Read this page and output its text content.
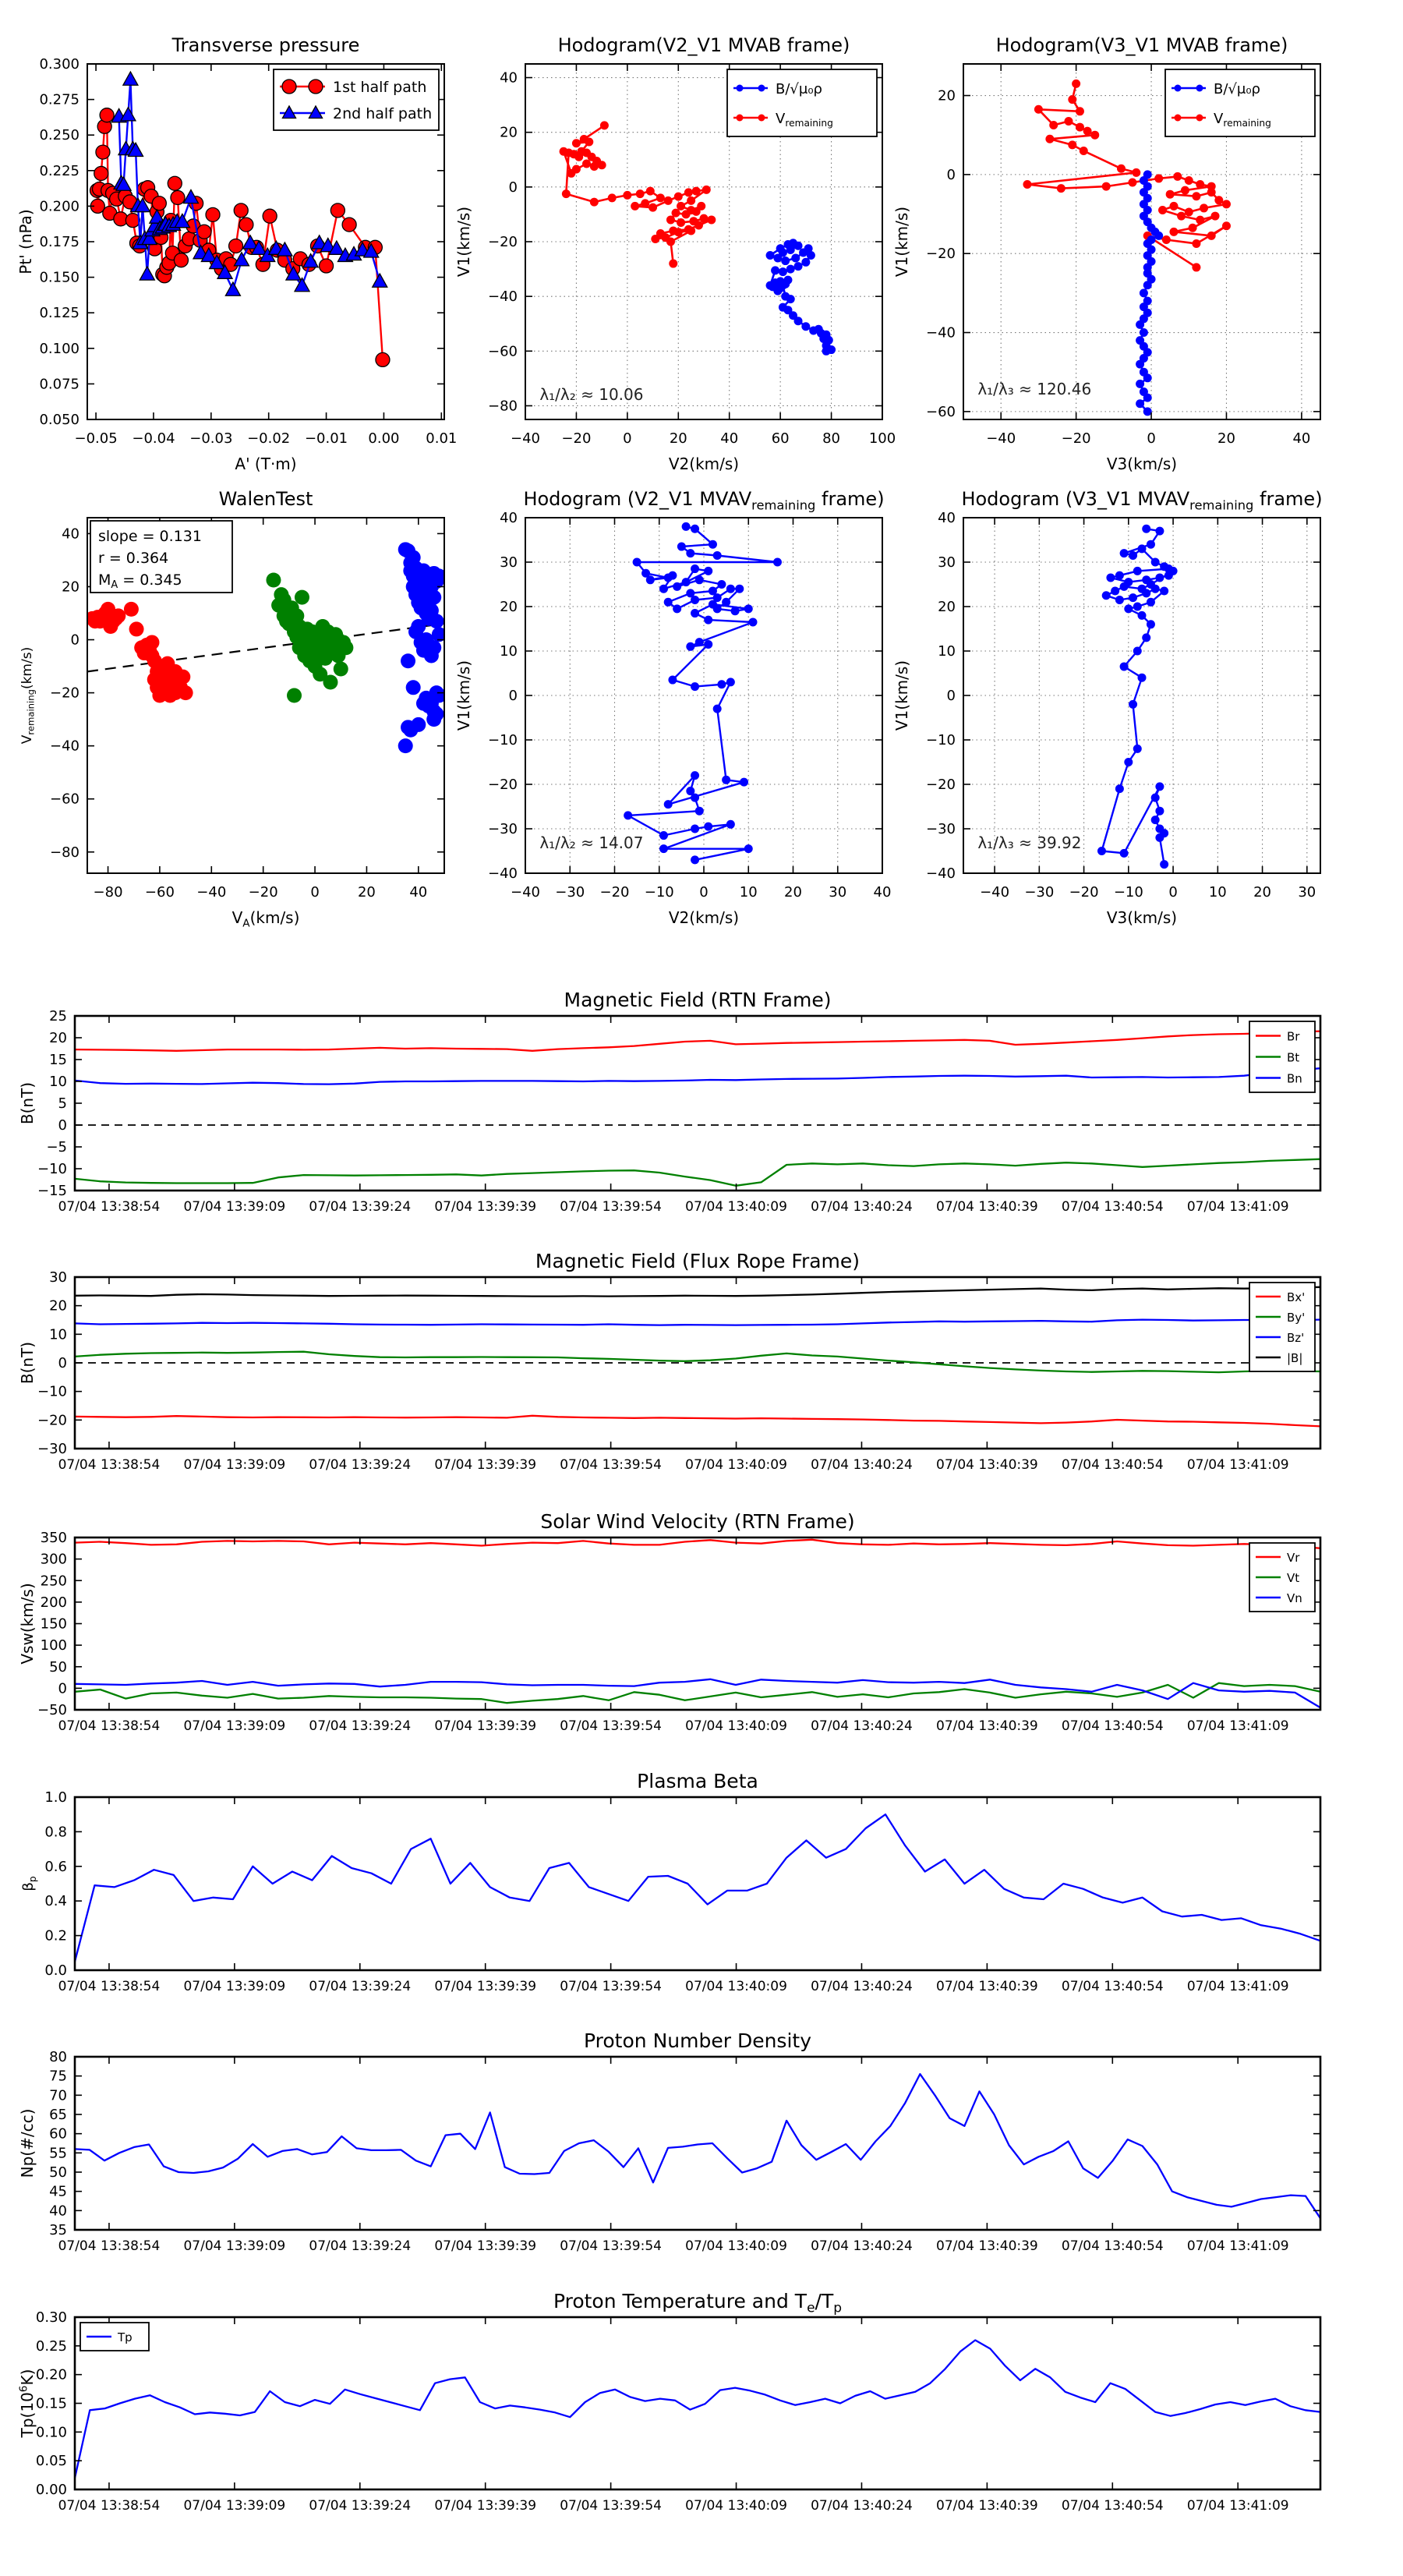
−0.05 −0.04 −0.03 −0.02 −0.01 0.00 0.01
0.300
0.275
0.250
0.225
0.200
0.175
0.150
0.125
0.100
0.075
0.050
Transverse pressure
A' (T·m)
Pt' (nPa)
1st half path
2nd half path
−40 −20 0	20 40 60 80 100
40
20
0
−20
−40
−60
−80
Hodogram(V2_V1 MVAB frame)
V2(km/s)
V1(km/s)
λ₁/λ₂ ≈ 10.06
B/√μ₀ρ
$V_{remaining}$
−40	−20	0	20	40
20
0
−20
−40
−60
Hodogram(V3_V1 MVAB frame)
V3(km/s)
V1(km/s)
λ₁/λ₃ ≈ 120.46
B/√μ₀ρ
$V_{remaining}$
−80 −60 −40 −20 0	20 40
40
20
0
−20
−40
−60
−80
WalenTest
$V_A(km/s)$
$V_{remaining}(km/s)$
slope = 0.131
r = 0.364
$M_A = 0.345$
−40 −30 −20 −10 0 10 20 30 40
40
30
20
10
0
−10
−20
−30
−40
Hodogram (V2_V1 $MVAV_{remaining}$ frame)
V2(km/s)
V1(km/s)
λ₁/λ₂ ≈ 14.07
−40 −30 −20 −10 0 10 20 30
40
30
20
10
0
−10
−20
−30
−40
Hodogram (V3_V1 $MVAV_{remaining}$ frame)
V3(km/s)
V1(km/s)
λ₁/λ₃ ≈ 39.92
07/04 13:38:54 07/04 13:39:09 07/04 13:39:24 07/04 13:39:39 07/04 13:39:54 07/04 13:40:09 07/04 13:40:24 07/04 13:40:39 07/04 13:40:54 07/04 13:41:09
25
20
15
10
5
0
−5
−10
−15
Magnetic Field (RTN Frame)
B(nT)
Br
Bt
Bn
07/04 13:38:54 07/04 13:39:09 07/04 13:39:24 07/04 13:39:39 07/04 13:39:54 07/04 13:40:09 07/04 13:40:24 07/04 13:40:39 07/04 13:40:54 07/04 13:41:09
30
20
10
0
−10
−20
−30
Magnetic Field (Flux Rope Frame)
B(nT)
Bx'
By'
Bz'
|B|
07/04 13:38:54 07/04 13:39:09 07/04 13:39:24 07/04 13:39:39 07/04 13:39:54 07/04 13:40:09 07/04 13:40:24 07/04 13:40:39 07/04 13:40:54 07/04 13:41:09
350
300
250
200
150
100
50
0
−50
Solar Wind Velocity (RTN Frame)
Vsw(km/s)
Vr
Vt
Vn
07/04 13:38:54 07/04 13:39:09 07/04 13:39:24 07/04 13:39:39 07/04 13:39:54 07/04 13:40:09 07/04 13:40:24 07/04 13:40:39 07/04 13:40:54 07/04 13:41:09
1.0
0.8
0.6
0.4
0.2
0.0
Plasma Beta
$\beta_p$
07/04 13:38:54 07/04 13:39:09 07/04 13:39:24 07/04 13:39:39 07/04 13:39:54 07/04 13:40:09 07/04 13:40:24 07/04 13:40:39 07/04 13:40:54 07/04 13:41:09
80
75
70
65
60
55
50
45
40
35
Proton Number Density
Np(#/cc)
07/04 13:38:54 07/04 13:39:09 07/04 13:39:24 07/04 13:39:39 07/04 13:39:54 07/04 13:40:09 07/04 13:40:24 07/04 13:40:39 07/04 13:40:54 07/04 13:41:09
0.30
0.25
0.20
0.15
0.10
0.05
0.00
Proton Temperature and $T_e/T_p$
$Tp(10^6K)$
Tp
